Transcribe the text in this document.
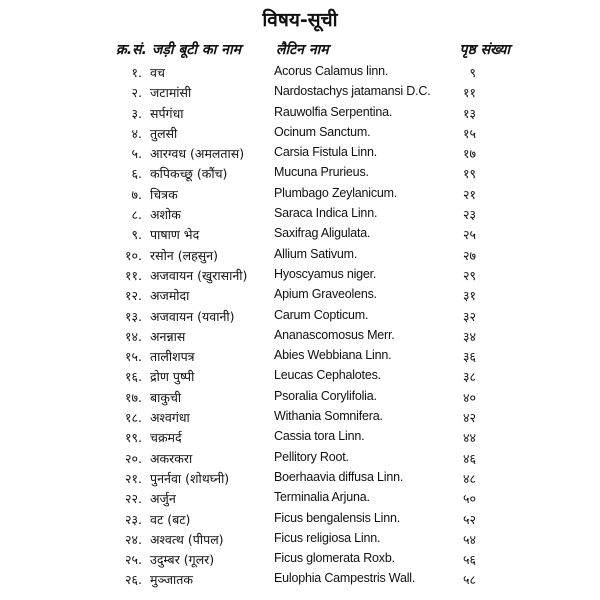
विषय-सूची
क्र.सं. जड़ी बूटी का नाम	लैटिन नाम	पृष्ठ संख्या
१. वच	Acorus Calamus linn.	९
२. जटामांसी	Nardostachys jatamansi D.C.	११
३. सर्पगंधा	Rauwolfia Serpentina.	१३
४. तुलसी	Ocinum Sanctum.	१५
५. आरग्वध (अमलतास) Carsia Fistula Linn.	१७
६. कपिकच्छू (कौंच)	Mucuna Prurieus.	१९
७. चित्रक	Plumbago Zeylanicum.	२१
८. अशोक	Saraca Indica Linn.	२३
९. पाषाण भेद	Saxifrag Aligulata.	२५
१०. रसोन (लहसुन)	Allium Sativum.	२७
११. अजवायन (खुरासानी) Hyoscyamus niger.	२९
१२. अजमोदा	Apium Graveolens.	३१
१३. अजवायन (यवानी)	Carum Copticum.	३२
१४. अनन्नास	Ananascomosus Merr.	३४
१५. तालीशपत्र	Abies Webbiana Linn.	३६
१६. द्रोण पुष्पी	Leucas Cephalotes.	३८
१७. बाकुची	Psoralia Corylifolia.	४०
१८. अश्वगंधा	Withania Somnifera.	४२
१९. चक्रमर्द	Cassia tora Linn.	४४
२०. अकरकरा	Pellitory Root.	४६
२१. पुनर्नवा (शोथघ्नी)	Boerhaavia diffusa Linn.	४८
२२. अर्जुन	Terminalia Arjuna.	५०
२३. वट (बट)	Ficus bengalensis Linn.	५२
२४. अश्वत्थ (पीपल)	Ficus religiosa Linn.	५४
२५. उदुम्बर (गूलर)	Ficus glomerata Roxb.	५६
२६. मुञ्जातक	Eulophia Campestris Wall.	५८
